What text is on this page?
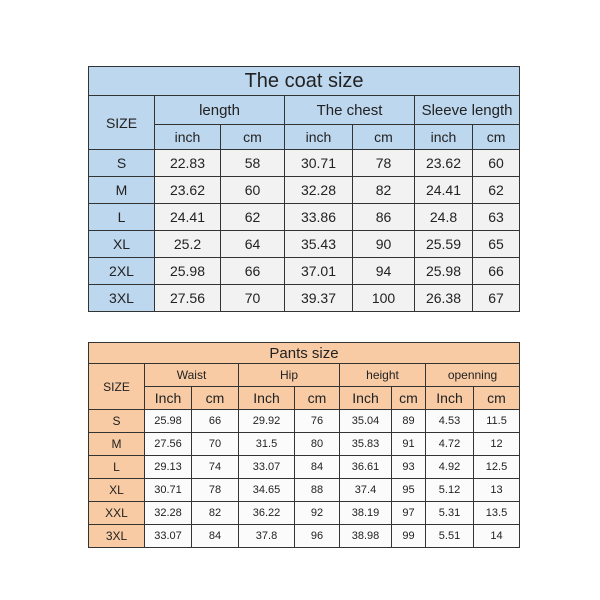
The coat size						
SIZE	length		The chest		Sleeve length	
	inch	cm	inch	cm	inch	cm
S	22.83	58	30.71	78	23.62	60
M	23.62	60	32.28	82	24.41	62
L	24.41	62	33.86	86	24.8	63
XL	25.2	64	35.43	90	25.59	65
2XL	25.98	66	37.01	94	25.98	66
3XL	27.56	70	39.37	100	26.38	67
Pants size								
SIZE	Waist		Hip		height		openning	
	Inch	cm	Inch	cm	Inch	cm	Inch	cm
S	25.98	66	29.92	76	35.04	89	4.53	11.5
M	27.56	70	31.5	80	35.83	91	4.72	12
L	29.13	74	33.07	84	36.61	93	4.92	12.5
XL	30.71	78	34.65	88	37.4	95	5.12	13
XXL	32.28	82	36.22	92	38.19	97	5.31	13.5
3XL	33.07	84	37.8	96	38.98	99	5.51	14
